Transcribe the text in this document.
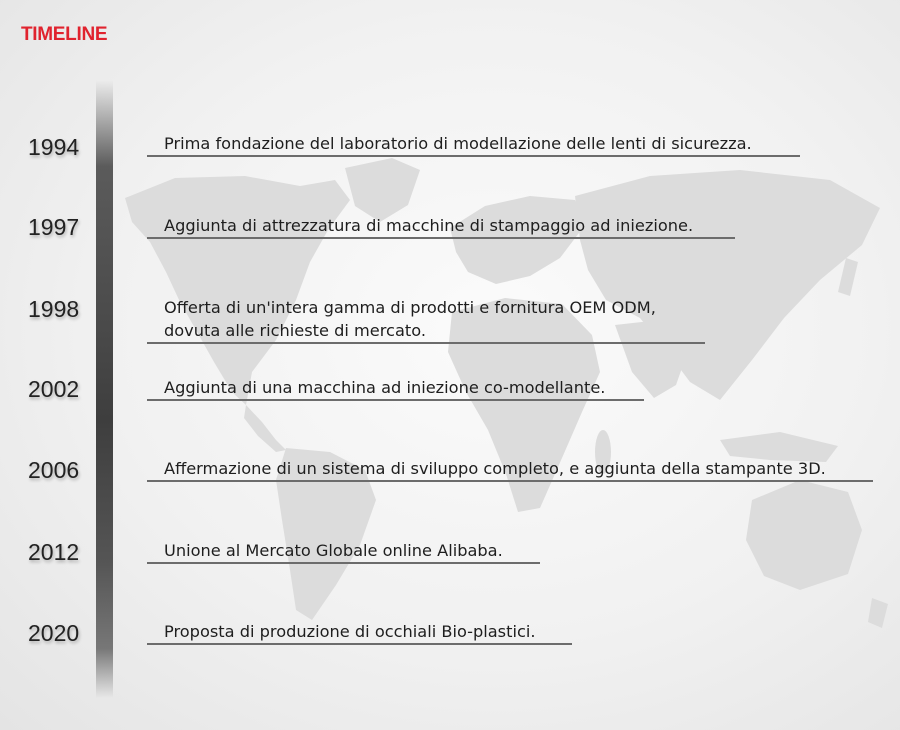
TIMELINE
1994	Prima fondazione del laboratorio di modellazione delle lenti di sicurezza.
1997	Aggiunta di attrezzatura di macchine di stampaggio ad iniezione.
1998	Offerta di un'intera gamma di prodotti e fornitura OEM ODM,
dovuta alle richieste di mercato.
2002	Aggiunta di una macchina ad iniezione co-modellante.
2006	Affermazione di un sistema di sviluppo completo, e aggiunta della stampante 3D.
2012	Unione al Mercato Globale online Alibaba.
2020	Proposta di produzione di occhiali Bio-plastici.
